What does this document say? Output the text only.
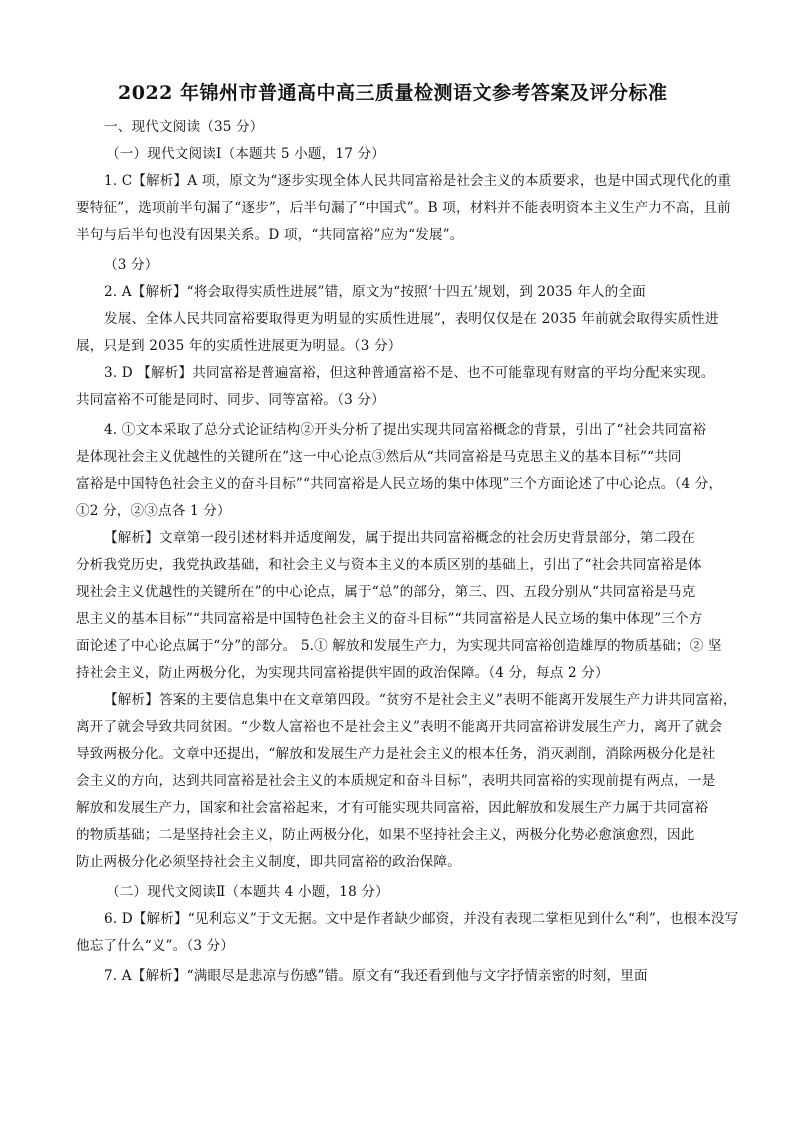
2022 年锦州市普通高中高三质量检测语文参考答案及评分标准
一、现代文阅读（35 分）
（一）现代文阅读Ⅰ（本题共 5 小题，17 分）
1. C【解析】A 项，原文为“逐步实现全体人民共同富裕是社会主义的本质要求，也是中国式现代化的重
要特征”，选项前半句漏了“逐步”，后半句漏了“中国式”。B 项，材料并不能表明资本主义生产力不高，且前
半句与后半句也没有因果关系。D 项，“共同富裕”应为“发展”。
（3 分）
2. A【解析】“将会取得实质性进展”错，原文为“按照‘十四五’规划，到 2035 年人的全面
发展、全体人民共同富裕要取得更为明显的实质性进展”，表明仅仅是在 2035 年前就会取得实质性进
展，只是到 2035 年的实质性进展更为明显。（3 分）
3. D 【解析】共同富裕是普遍富裕，但这种普通富裕不是、也不可能靠现有财富的平均分配来实现。
共同富裕不可能是同时、同步、同等富裕。（3 分）
4. ①文本采取了总分式论证结构②开头分析了提出实现共同富裕概念的背景，引出了“社会共同富裕
是体现社会主义优越性的关键所在”这一中心论点③然后从“共同富裕是马克思主义的基本目标”“共同
富裕是中国特色社会主义的奋斗目标”“共同富裕是人民立场的集中体现”三个方面论述了中心论点。（4 分，
①2 分，②③点各 1 分）
【解析】文章第一段引述材料并适度阐发，属于提出共同富裕概念的社会历史背景部分，第二段在
分析我党历史，我党执政基础，和社会主义与资本主义的本质区别的基础上，引出了“社会共同富裕是体
现社会主义优越性的关键所在”的中心论点，属于“总”的部分，第三、四、五段分别从“共同富裕是马克
思主义的基本目标”“共同富裕是中国特色社会主义的奋斗目标”“共同富裕是人民立场的集中体现”三个方
面论述了中心论点属于“分”的部分。 5.① 解放和发展生产力，为实现共同富裕创造雄厚的物质基础；② 坚
持社会主义，防止两极分化，为实现共同富裕提供牢固的政治保障。（4 分，每点 2 分）
【解析】答案的主要信息集中在文章第四段。“贫穷不是社会主义”表明不能离开发展生产力讲共同富裕，
离开了就会导致共同贫困。“少数人富裕也不是社会主义”表明不能离开共同富裕讲发展生产力，离开了就会
导致两极分化。文章中还提出，“解放和发展生产力是社会主义的根本任务，消灭剥削，消除两极分化是社
会主义的方向，达到共同富裕是社会主义的本质规定和奋斗目标”，表明共同富裕的实现前提有两点，一是
解放和发展生产力，国家和社会富裕起来，才有可能实现共同富裕，因此解放和发展生产力属于共同富裕
的物质基础；二是坚持社会主义，防止两极分化，如果不坚持社会主义，两极分化势必愈演愈烈，因此
防止两极分化必须坚持社会主义制度，即共同富裕的政治保障。
（二）现代文阅读Ⅱ（本题共 4 小题，18 分）
6. D【解析】“见利忘义”于文无据。文中是作者缺少邮资，并没有表现二掌柜见到什么“利”，也根本没写
他忘了什么“义”。（3 分）
7. A【解析】“满眼尽是悲凉与伤感”错。原文有“我还看到他与文字抒情亲密的时刻，里面
